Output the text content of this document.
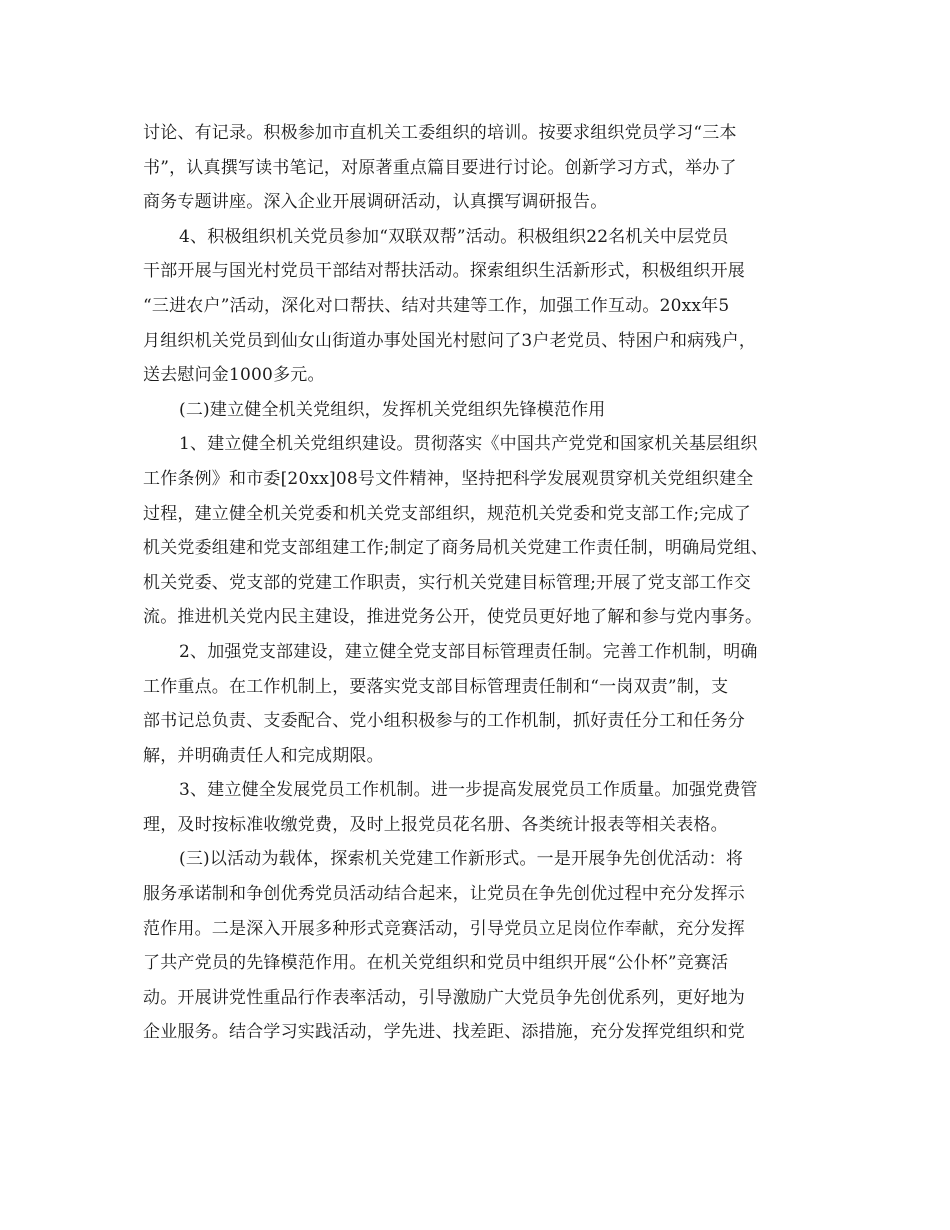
讨论、有记录。积极参加市直机关工委组织的培训。按要求组织党员学习“三本
书”，认真撰写读书笔记，对原著重点篇目要进行讨论。创新学习方式，举办了
商务专题讲座。深入企业开展调研活动，认真撰写调研报告。
4、积极组织机关党员参加“双联双帮”活动。积极组织22名机关中层党员
干部开展与国光村党员干部结对帮扶活动。探索组织生活新形式，积极组织开展
“三进农户”活动，深化对口帮扶、结对共建等工作，加强工作互动。20xx年5
月组织机关党员到仙女山街道办事处国光村慰问了3户老党员、特困户和病残户，
送去慰问金1000多元。
(二)建立健全机关党组织，发挥机关党组织先锋模范作用
1、建立健全机关党组织建设。贯彻落实《中国共产党党和国家机关基层组织
工作条例》和市委[20xx]08号文件精神，坚持把科学发展观贯穿机关党组织建全
过程，建立健全机关党委和机关党支部组织，规范机关党委和党支部工作;完成了
机关党委组建和党支部组建工作;制定了商务局机关党建工作责任制，明确局党组、
机关党委、党支部的党建工作职责，实行机关党建目标管理;开展了党支部工作交
流。推进机关党内民主建设，推进党务公开，使党员更好地了解和参与党内事务。
2、加强党支部建设，建立健全党支部目标管理责任制。完善工作机制，明确
工作重点。在工作机制上，要落实党支部目标管理责任制和“一岗双责”制，支
部书记总负责、支委配合、党小组积极参与的工作机制，抓好责任分工和任务分
解，并明确责任人和完成期限。
3、建立健全发展党员工作机制。进一步提高发展党员工作质量。加强党费管
理，及时按标准收缴党费，及时上报党员花名册、各类统计报表等相关表格。
(三)以活动为载体，探索机关党建工作新形式。一是开展争先创优活动：将
服务承诺制和争创优秀党员活动结合起来，让党员在争先创优过程中充分发挥示
范作用。二是深入开展多种形式竞赛活动，引导党员立足岗位作奉献，充分发挥
了共产党员的先锋模范作用。在机关党组织和党员中组织开展“公仆杯”竞赛活
动。开展讲党性重品行作表率活动，引导激励广大党员争先创优系列，更好地为
企业服务。结合学习实践活动，学先进、找差距、添措施，充分发挥党组织和党
